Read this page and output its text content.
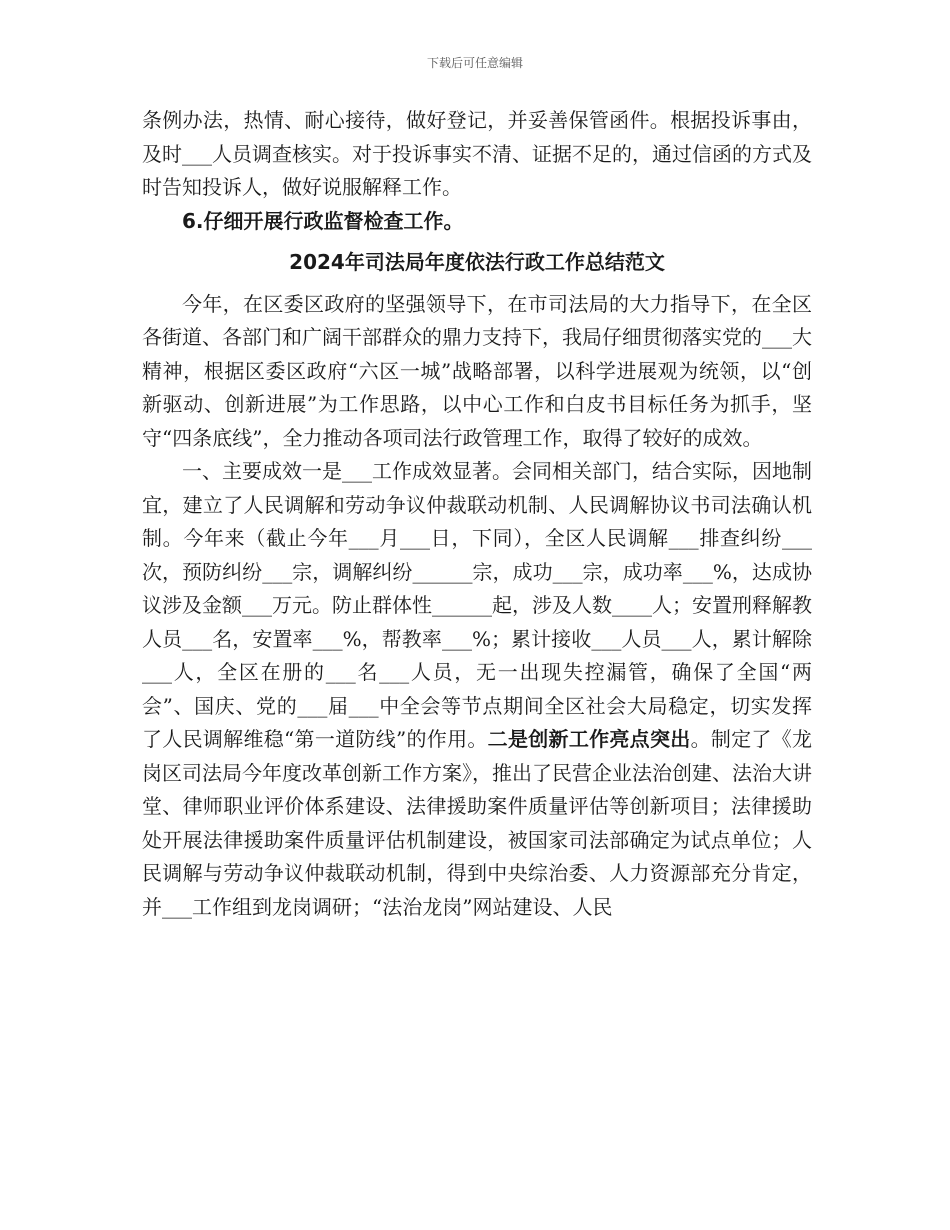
下载后可任意编辑

条例办法，热情、耐心接待，做好登记，并妥善保管函件。根据投诉事由，及时___人员调查核实。对于投诉事实不清、证据不足的，通过信函的方式及时告知投诉人，做好说服解释工作。

6.仔细开展行政监督检查工作。

2024年司法局年度依法行政工作总结范文

今年，在区委区政府的坚强领导下，在市司法局的大力指导下，在全区各街道、各部门和广阔干部群众的鼎力支持下，我局仔细贯彻落实党的___大精神，根据区委区政府“六区一城”战略部署，以科学进展观为统领，以“创新驱动、创新进展”为工作思路，以中心工作和白皮书目标任务为抓手，坚守“四条底线”，全力推动各项司法行政管理工作，取得了较好的成效。

一、主要成效一是___工作成效显著。会同相关部门，结合实际，因地制宜，建立了人民调解和劳动争议仲裁联动机制、人民调解协议书司法确认机制。今年来（截止今年___月___日，下同），全区人民调解___排查纠纷___次，预防纠纷___宗，调解纠纷______宗，成功___宗，成功率___%，达成协议涉及金额___万元。防止群体性______起，涉及人数____人；安置刑释解教人员___名，安置率___%，帮教率___%；累计接收___人员___人，累计解除___人，全区在册的___名___人员，无一出现失控漏管，确保了全国“两会”、国庆、党的___届___中全会等节点期间全区社会大局稳定，切实发挥了人民调解维稳“第一道防线”的作用。二是创新工作亮点突出。制定了《龙岗区司法局今年度改革创新工作方案》，推出了民营企业法治创建、法治大讲堂、律师职业评价体系建设、法律援助案件质量评估等创新项目；法律援助处开展法律援助案件质量评估机制建设，被国家司法部确定为试点单位；人民调解与劳动争议仲裁联动机制，得到中央综治委、人力资源部充分肯定，并___工作组到龙岗调研；“法治龙岗”网站建设、人民
